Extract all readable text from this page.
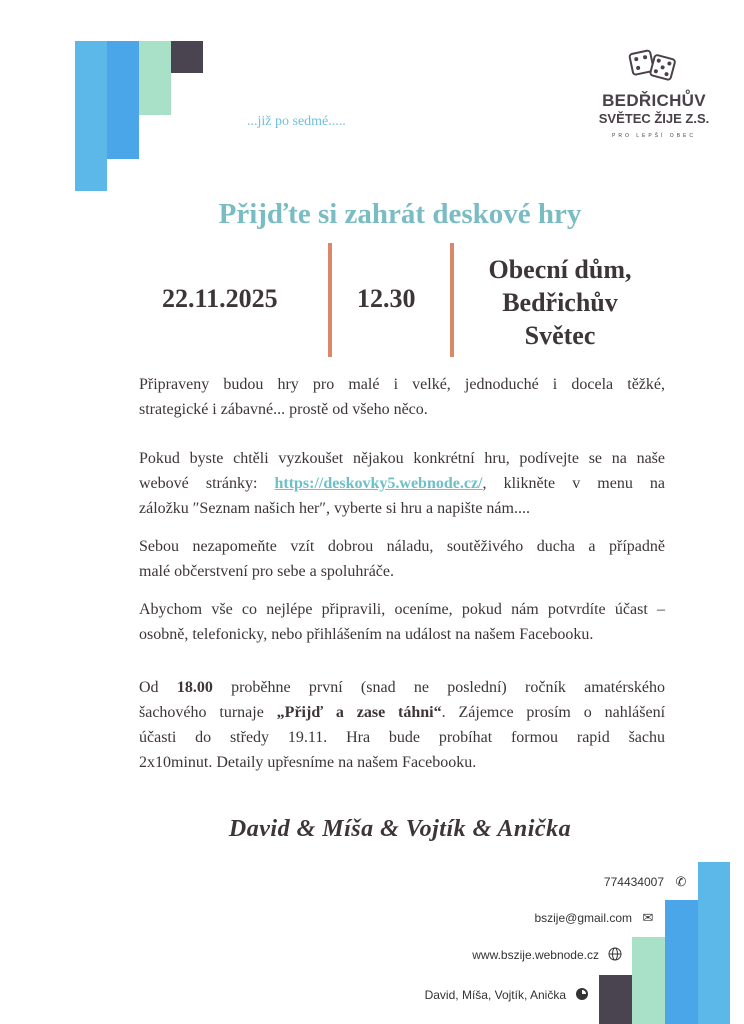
...již po sedmé.....
BEDŘICHŮV
SVĚTEC ŽIJE Z.S.
PRO LEPŠÍ OBEC
Přijďte si zahrát deskové hry
22.11.2025	12.30
Obecní dům,
Bedřichův
Světec
Připraveny budou hry pro malé i velké, jednoduché i docela těžké,
strategické i zábavné... prostě od všeho něco.
Pokud byste chtěli vyzkoušet nějakou konkrétní hru, podívejte se na naše
webové stránky: https://deskovky5.webnode.cz/, klikněte v menu na
záložku ″Seznam našich her″, vyberte si hru a napište nám....
Sebou nezapomeňte vzít dobrou náladu, soutěživého ducha a případně
malé občerstvení pro sebe a spoluhráče.
Abychom vše co nejlépe připravili, oceníme, pokud nám potvrdíte účast –
osobně, telefonicky, nebo přihlášením na událost na našem Facebooku.
Od 18.00 proběhne první (snad ne poslední) ročník amatérského
šachového turnaje „Přijď a zase táhni“. Zájemce prosím o nahlášení
účasti do středy 19.11. Hra bude probíhat formou rapid šachu
2x10minut. Detaily upřesníme na našem Facebooku.
David & Míša & Vojtík & Anička
774434007 ✆
bszije@gmail.com ✉
www.bszije.webnode.cz
David, Míša, Vojtík, Anička
